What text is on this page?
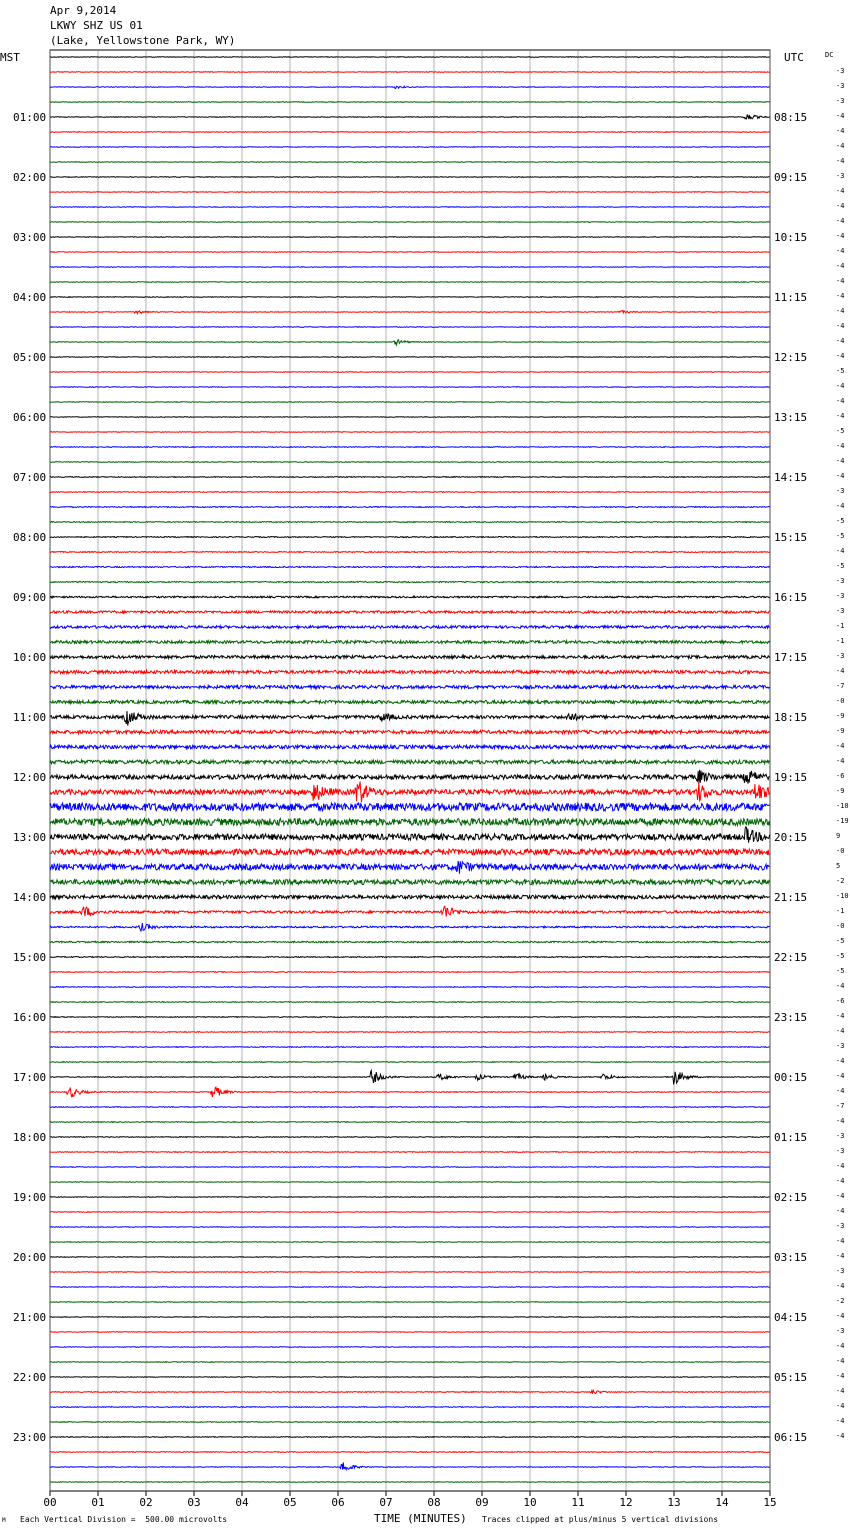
Apr 9,2014
LKWY SHZ US 01
(Lake, Yellowstone Park, WY)
MST	UTC	DC
00	01	02	03	04	05	06	07	08	09	10	11	12	13	14	15
-3
-3
-3
-4
-4
-4
-4
-3
-4
-4
-4
-4
-4
-4
-4
-4
-4
-4
-4
-4
-5
-4
-4
-4
-5
-4
-4
-4
-3
-4
-5
-5
-4
-5
-3
-3
-3
-1
-1
-3
-4
-7
-0
-9
-9
-4
-4
-6
-9
-10
-19
9
-0
5
-2
-10
-1
-0
-5
-5
-5
-4
-6
-4
-4
-3
-4
-4
-4
-7
-4
-3
-3
-4
-4
-4
-4
-3
-4
-4
-3
-4
-2
-4
-3
-4
-4
-4
-4
-4
-4
-4
01:00	08:15
02:00	09:15
03:00	10:15
04:00	11:15
05:00	12:15
06:00	13:15
07:00	14:15
08:00	15:15
09:00	16:15
10:00	17:15
11:00	18:15
12:00	19:15
13:00	20:15
14:00	21:15
15:00	22:15
16:00	23:15
17:00	00:15
18:00	01:15
19:00	02:15
20:00	03:15
21:00	04:15
22:00	05:15
23:00	06:15
TIME (MINUTES)
M Each Vertical Division =  500.00 microvolts	Traces clipped at plus/minus 5 vertical divisions
